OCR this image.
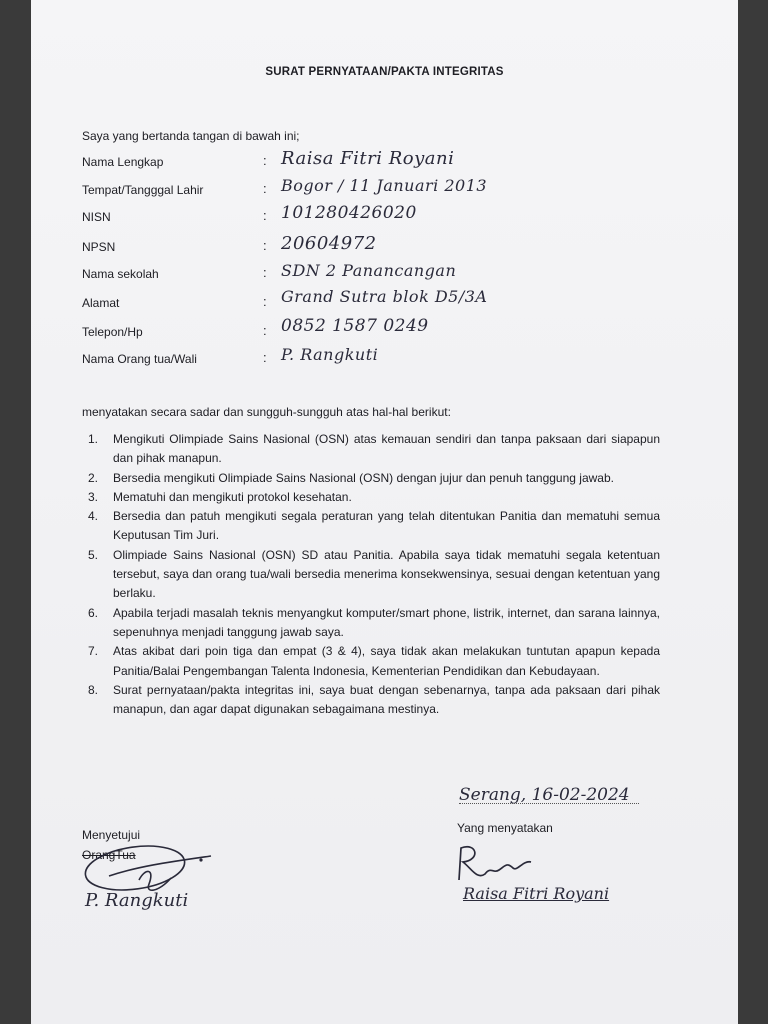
SURAT PERNYATAAN/PAKTA INTEGRITAS
Saya yang bertanda tangan di bawah ini;
Nama Lengkap	: Raisa Fitri Royani
Tempat/Tangggal Lahir	: Bogor / 11 Januari 2013
NISN	: 101280426020
NPSN	: 20604972
Nama sekolah	: SDN 2 Panancangan
Alamat	: Grand Sutra blok D5/3A
Telepon/Hp	: 0852 1587 0249
Nama Orang tua/Wali	: P. Rangkuti
menyatakan secara sadar dan sungguh-sungguh atas hal-hal berikut:
1.	Mengikuti Olimpiade Sains Nasional (OSN) atas kemauan sendiri dan tanpa paksaan dari siapapun dan pihak manapun.
2.	Bersedia mengikuti Olimpiade Sains Nasional (OSN) dengan jujur dan penuh tanggung jawab.
3.	Mematuhi dan mengikuti protokol kesehatan.
4.	Bersedia dan patuh mengikuti segala peraturan yang telah ditentukan Panitia dan mematuhi semua Keputusan Tim Juri.
5.	Olimpiade Sains Nasional (OSN) SD atau Panitia. Apabila saya tidak mematuhi segala ketentuan tersebut, saya dan orang tua/wali bersedia menerima konsekwensinya, sesuai dengan ketentuan yang berlaku.
6.	Apabila terjadi masalah teknis menyangkut komputer/smart phone, listrik, internet, dan sarana lainnya, sepenuhnya menjadi tanggung jawab saya.
7.	Atas akibat dari poin tiga dan empat (3 & 4), saya tidak akan melakukan tuntutan apapun kepada Panitia/Balai Pengembangan Talenta Indonesia, Kementerian Pendidikan dan Kebudayaan.
8.	Surat pernyataan/pakta integritas ini, saya buat dengan sebenarnya, tanpa ada paksaan dari pihak manapun, dan agar dapat digunakan sebagaimana mestinya.
Serang, 16-02-2024
Menyetujui
OrangTua
Yang menyatakan
P. Rangkuti	Raisa Fitri Royani
